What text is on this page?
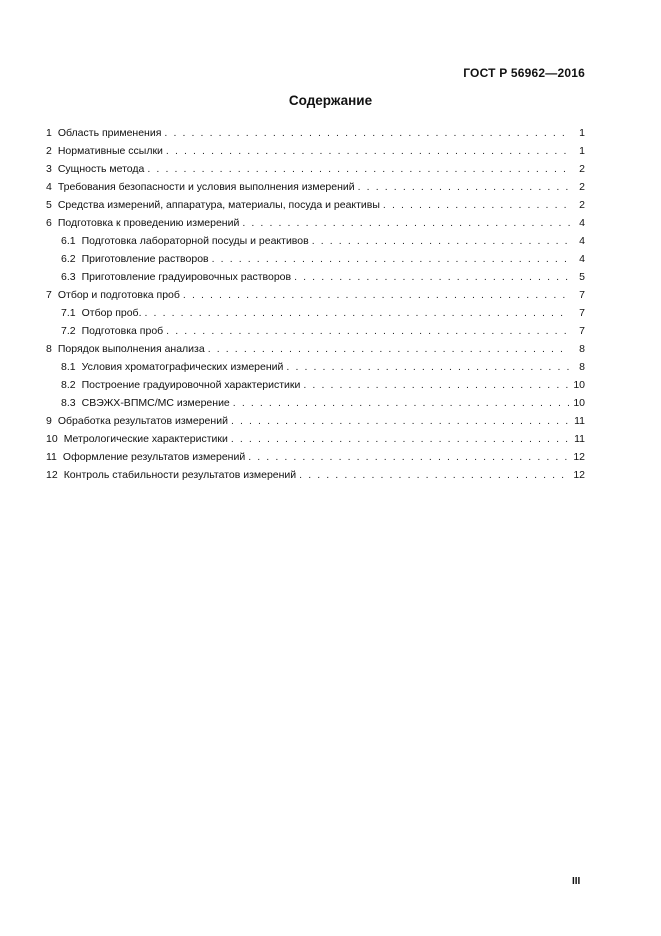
ГОСТ Р 56962—2016
Содержание
1 Область применения . . .	1
2 Нормативные ссылки . . .	1
3 Сущность метода . . .	2
4 Требования безопасности и условия выполнения измерений . . .	2
5 Средства измерений, аппаратура, материалы, посуда и реактивы . . .	2
6 Подготовка к проведению измерений . . .	4
6.1 Подготовка лабораторной посуды и реактивов . . .	4
6.2 Приготовление растворов . . .	4
6.3 Приготовление градуировочных растворов . . .	5
7 Отбор и подготовка проб . . .	7
7.1 Отбор проб. . . .	7
7.2 Подготовка проб . . .	7
8 Порядок выполнения анализа . . .	8
8.1 Условия хроматографических измерений . . .	8
8.2 Построение градуировочной характеристики . . .	10
8.3 СВЭЖХ-ВПМС/МС измерение . . .	10
9 Обработка результатов измерений . . .	11
10 Метрологические характеристики . . .	11
11 Оформление результатов измерений . . .	12
12 Контроль стабильности результатов измерений . . .	12
III
